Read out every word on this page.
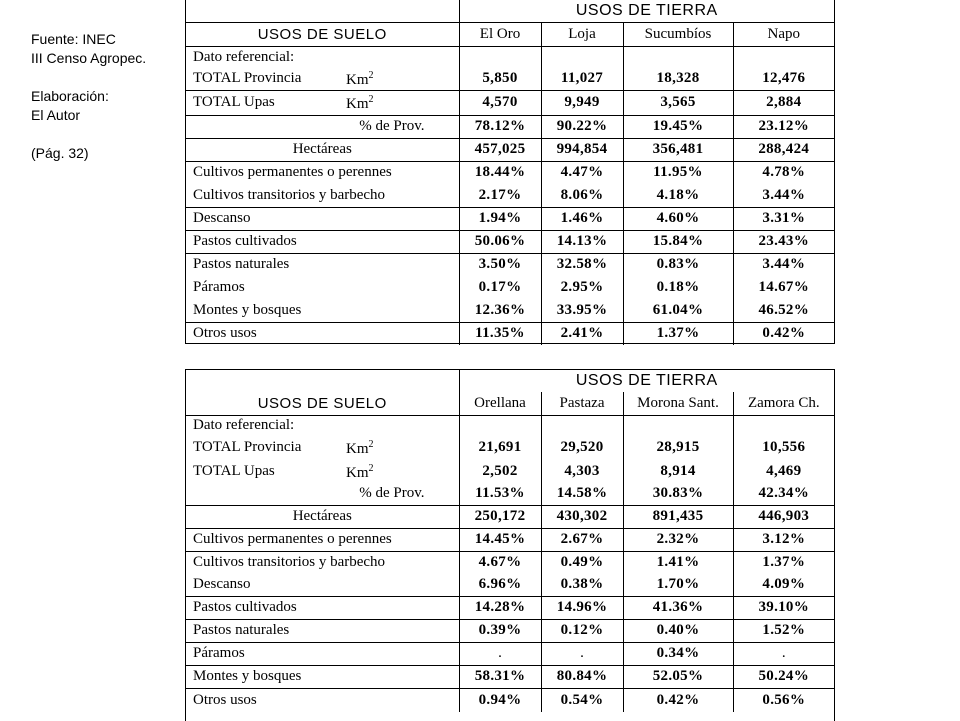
Fuente: INEC
III Censo Agropec.
Elaboración:
El Autor
(Pág. 32)
	USOS DE TIERRA			
USOS DE SUELO	El Oro	Loja	Sucumbíos	Napo
Dato referencial:				
TOTAL Provincia Km$^2$	5,850	11,027	18,328	12,476
TOTAL Upas Km$^2$	4,570	9,949	3,565	2,884
% de Prov.	78.12%	90.22%	19.45%	23.12%
Hectáreas	457,025	994,854	356,481	288,424
Cultivos permanentes o perennes	18.44%	4.47%	11.95%	4.78%
Cultivos transitorios y barbecho	2.17%	8.06%	4.18%	3.44%
Descanso	1.94%	1.46%	4.60%	3.31%
Pastos cultivados	50.06%	14.13%	15.84%	23.43%
Pastos naturales	3.50%	32.58%	0.83%	3.44%
Páramos	0.17%	2.95%	0.18%	14.67%
Montes y bosques	12.36%	33.95%	61.04%	46.52%
Otros usos	11.35%	2.41%	1.37%	0.42%
	USOS DE TIERRA			
USOS DE SUELO	Orellana	Pastaza	Morona Sant.	Zamora Ch.
Dato referencial:				
TOTAL Provincia Km$^2$	21,691	29,520	28,915	10,556
TOTAL Upas Km$^2$	2,502	4,303	8,914	4,469
% de Prov.	11.53%	14.58%	30.83%	42.34%
Hectáreas	250,172	430,302	891,435	446,903
Cultivos permanentes o perennes	14.45%	2.67%	2.32%	3.12%
Cultivos transitorios y barbecho	4.67%	0.49%	1.41%	1.37%
Descanso	6.96%	0.38%	1.70%	4.09%
Pastos cultivados	14.28%	14.96%	41.36%	39.10%
Pastos naturales	0.39%	0.12%	0.40%	1.52%
Páramos	.	.	0.34%	.
Montes y bosques	58.31%	80.84%	52.05%	50.24%
Otros usos	0.94%	0.54%	0.42%	0.56%
